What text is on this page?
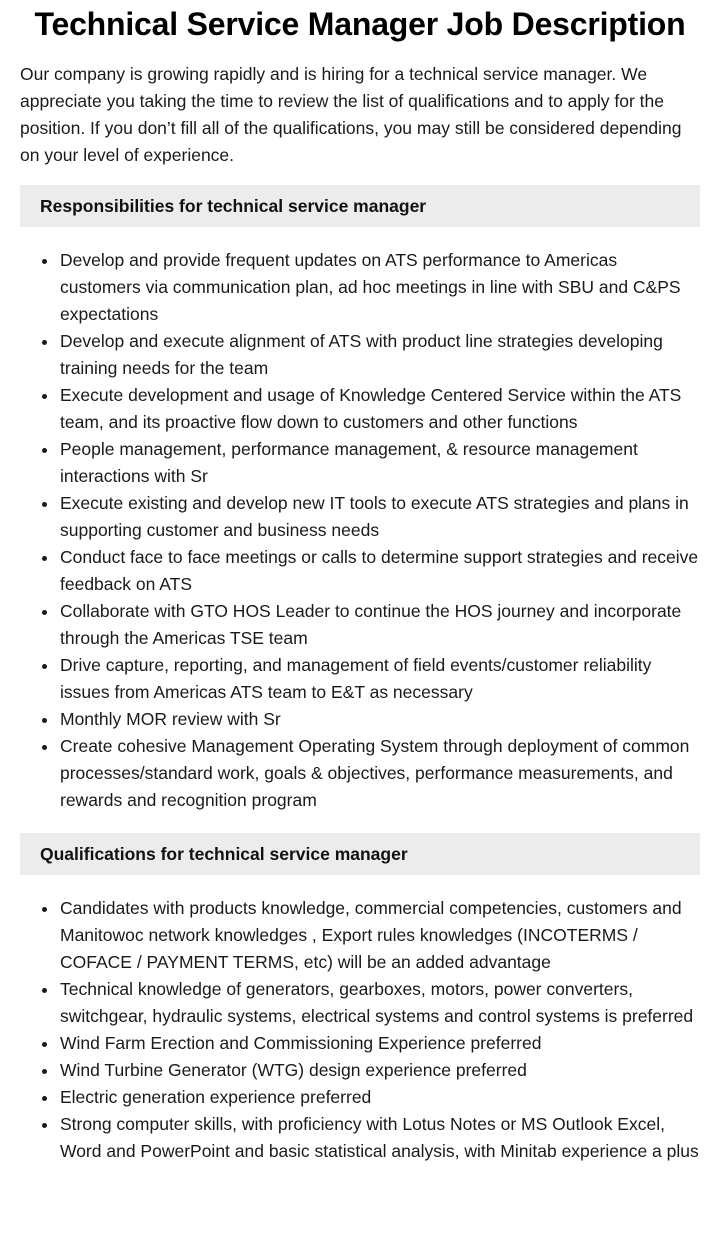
Technical Service Manager Job Description

Our company is growing rapidly and is hiring for a technical service manager. We appreciate you taking the time to review the list of qualifications and to apply for the position. If you don’t fill all of the qualifications, you may still be considered depending on your level of experience.

Responsibilities for technical service manager
Develop and provide frequent updates on ATS performance to Americas customers via communication plan, ad hoc meetings in line with SBU and C&PS expectations
Develop and execute alignment of ATS with product line strategies developing training needs for the team
Execute development and usage of Knowledge Centered Service within the ATS team, and its proactive flow down to customers and other functions
People management, performance management, & resource management interactions with Sr
Execute existing and develop new IT tools to execute ATS strategies and plans in supporting customer and business needs
Conduct face to face meetings or calls to determine support strategies and receive feedback on ATS
Collaborate with GTO HOS Leader to continue the HOS journey and incorporate through the Americas TSE team
Drive capture, reporting, and management of field events/customer reliability issues from Americas ATS team to E&T as necessary
Monthly MOR review with Sr
Create cohesive Management Operating System through deployment of common processes/standard work, goals & objectives, performance measurements, and rewards and recognition program
Qualifications for technical service manager
Candidates with products knowledge, commercial competencies, customers and Manitowoc network knowledges , Export rules knowledges (INCOTERMS / COFACE / PAYMENT TERMS, etc) will be an added advantage
Technical knowledge of generators, gearboxes, motors, power converters, switchgear, hydraulic systems, electrical systems and control systems is preferred
Wind Farm Erection and Commissioning Experience preferred
Wind Turbine Generator (WTG) design experience preferred
Electric generation experience preferred
Strong computer skills, with proficiency with Lotus Notes or MS Outlook Excel, Word and PowerPoint and basic statistical analysis, with Minitab experience a plus
